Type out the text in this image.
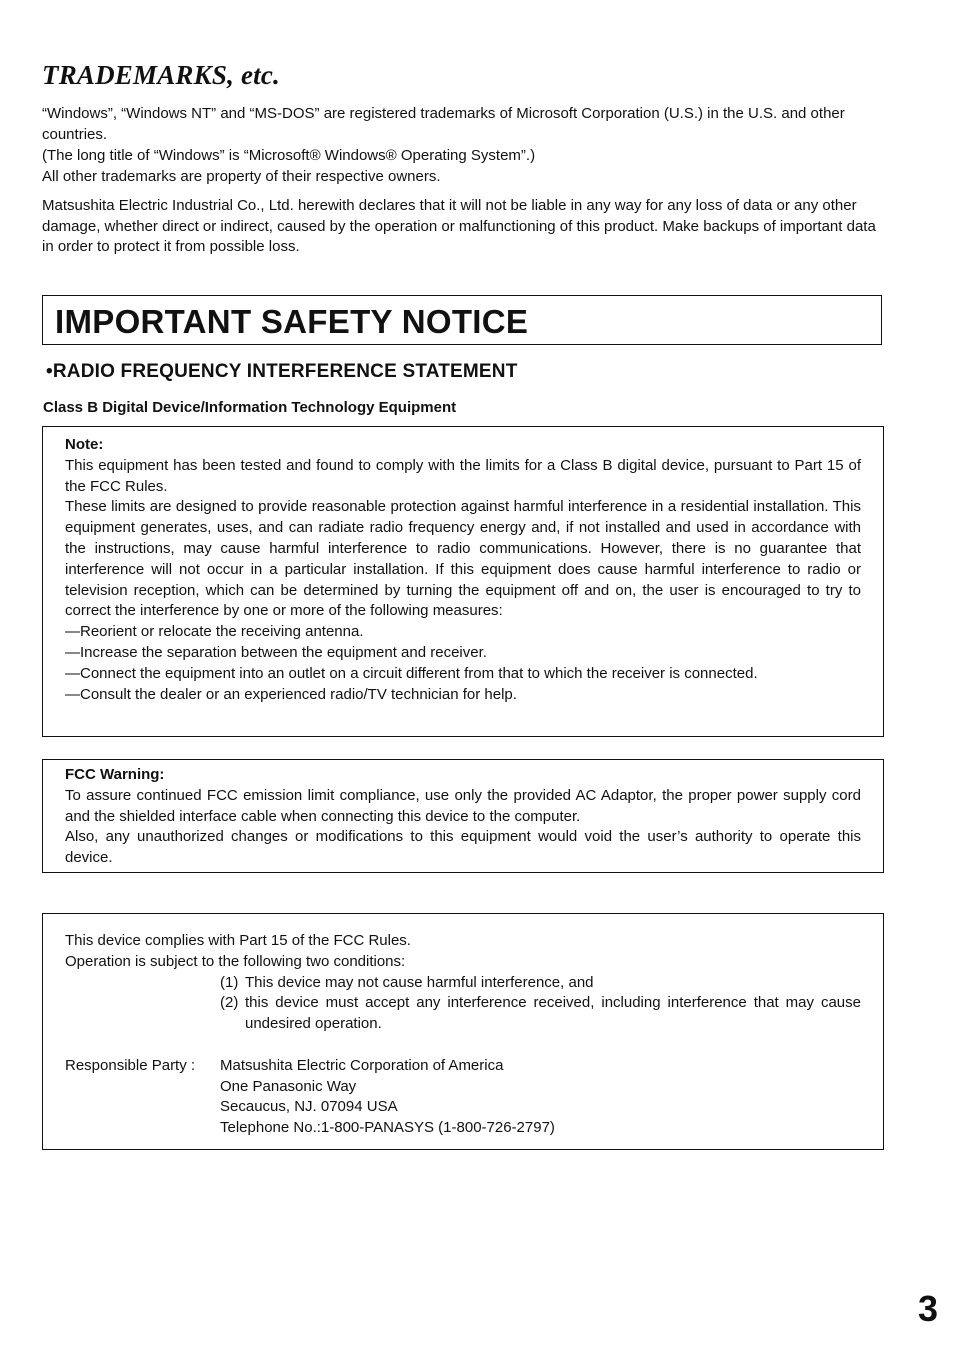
TRADEMARKS, etc.

“Windows”, “Windows NT” and “MS-DOS” are registered trademarks of Microsoft Corporation (U.S.) in the U.S. and other countries.

(The long title of “Windows” is “Microsoft® Windows® Operating System”.)

All other trademarks are property of their respective owners.

Matsushita Electric Industrial Co., Ltd. herewith declares that it will not be liable in any way for any loss of data or any other damage, whether direct or indirect, caused by the operation or malfunctioning of this product. Make backups of important data in order to protect it from possible loss.

IMPORTANT SAFETY NOTICE
•RADIO FREQUENCY INTERFERENCE STATEMENT
Class B Digital Device/Information Technology Equipment

Note:

This equipment has been tested and found to comply with the limits for a Class B digital device, pursuant to Part 15 of the FCC Rules.

These limits are designed to provide reasonable protection against harmful interference in a residential installation. This equipment generates, uses, and can radiate radio frequency energy and, if not installed and used in accordance with the instructions, may cause harmful interference to radio communications. However, there is no guarantee that interference will not occur in a particular installation. If this equipment does cause harmful interference to radio or television reception, which can be determined by turning the equipment off and on, the user is encouraged to try to correct the interference by one or more of the following measures:

—Reorient or relocate the receiving antenna.

—Increase the separation between the equipment and receiver.

—Connect the equipment into an outlet on a circuit different from that to which the receiver is connected.

—Consult the dealer or an experienced radio/TV technician for help.

FCC Warning:

To assure continued FCC emission limit compliance, use only the provided AC Adaptor, the proper power supply cord and the shielded interface cable when connecting this device to the computer.

Also, any unauthorized changes or modifications to this equipment would void the user’s authority to operate this device.

This device complies with Part 15 of the FCC Rules.

Operation is subject to the following two conditions:

(1) This device may not cause harmful interference, and
(2) this device must accept any interference received, including interference that may cause undesired operation.
Responsible Party :	Matsushita Electric Corporation of America

One Panasonic Way

Secaucus, NJ. 07094 USA

Telephone No.:1-800-PANASYS (1-800-726-2797)

3
